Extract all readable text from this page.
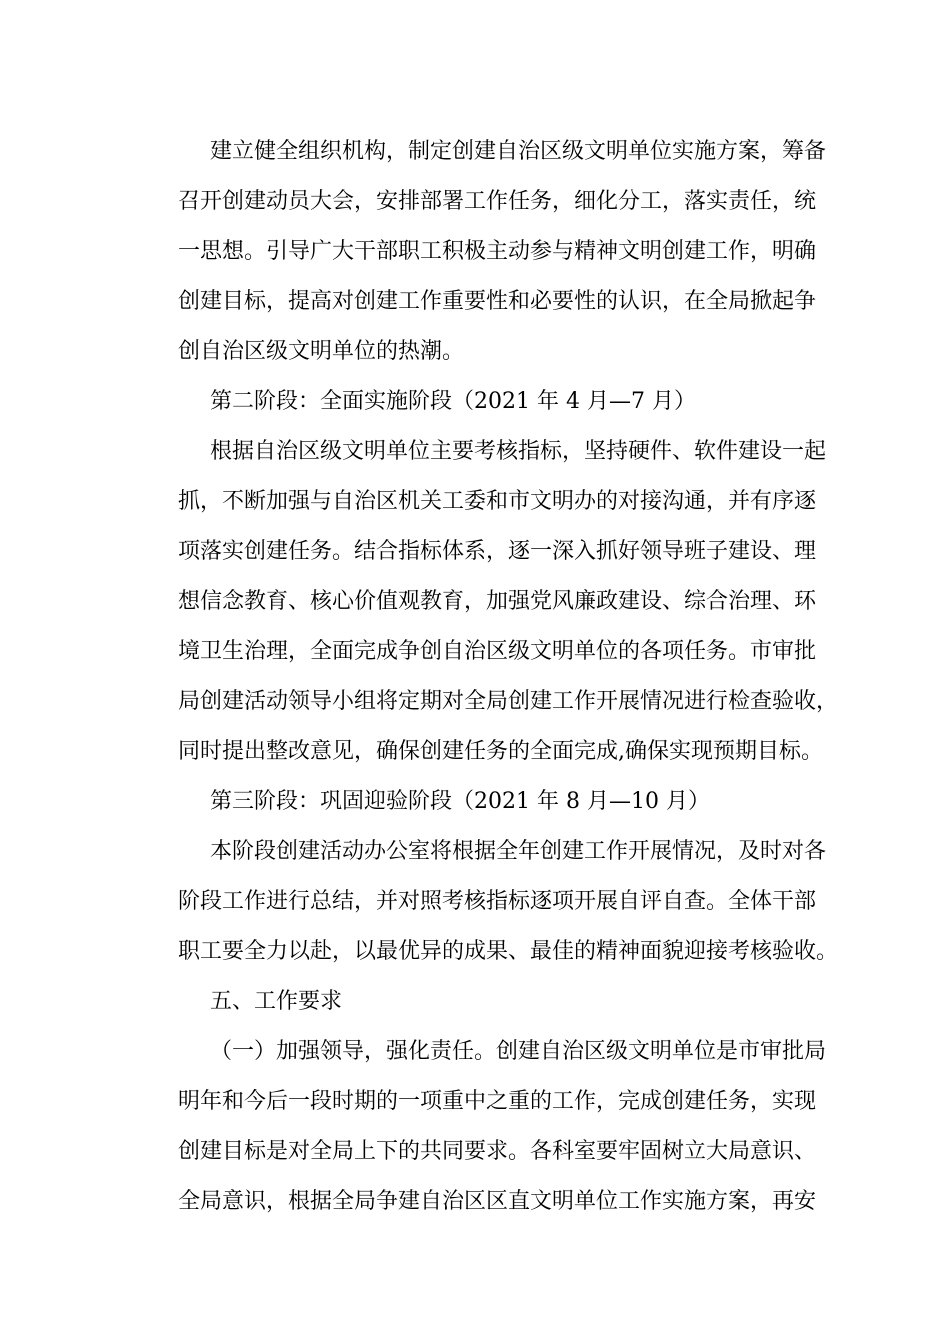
建立健全组织机构，制定创建自治区级文明单位实施方案，筹备
召开创建动员大会，安排部署工作任务，细化分工，落实责任，统
一思想。引导广大干部职工积极主动参与精神文明创建工作，明确
创建目标，提高对创建工作重要性和必要性的认识，在全局掀起争
创自治区级文明单位的热潮。
第二阶段：全面实施阶段（2021 年 4 月—7 月）
根据自治区级文明单位主要考核指标，坚持硬件、软件建设一起
抓，不断加强与自治区机关工委和市文明办的对接沟通，并有序逐
项落实创建任务。结合指标体系，逐一深入抓好领导班子建设、理
想信念教育、核心价值观教育，加强党风廉政建设、综合治理、环
境卫生治理，全面完成争创自治区级文明单位的各项任务。市审批
局创建活动领导小组将定期对全局创建工作开展情况进行检查验收，
同时提出整改意见，确保创建任务的全面完成,确保实现预期目标。
第三阶段：巩固迎验阶段（2021 年 8 月—10 月）
本阶段创建活动办公室将根据全年创建工作开展情况，及时对各
阶段工作进行总结，并对照考核指标逐项开展自评自查。全体干部
职工要全力以赴，以最优异的成果、最佳的精神面貌迎接考核验收。
五、工作要求
（一）加强领导，强化责任。创建自治区级文明单位是市审批局
明年和今后一段时期的一项重中之重的工作，完成创建任务，实现
创建目标是对全局上下的共同要求。各科室要牢固树立大局意识、
全局意识，根据全局争建自治区区直文明单位工作实施方案，再安
